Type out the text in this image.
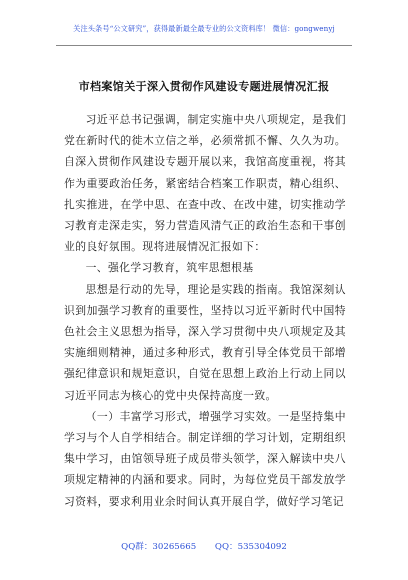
关注头条号“公文研究”，获得最新最全最专业的公文资料库！ 微信：gongwenyj
市档案馆关于深入贯彻作风建设专题进展情况汇报

习近平总书记强调，制定实施中央八项规定，是我们党在新时代的徙木立信之举，必须常抓不懈、久久为功。自深入贯彻作风建设专题开展以来，我馆高度重视，将其作为重要政治任务，紧密结合档案工作职责，精心组织、扎实推进，在学中思、在查中改、在改中建，切实推动学习教育走深走实，努力营造风清气正的政治生态和干事创业的良好氛围。现将进展情况汇报如下：

一、强化学习教育，筑牢思想根基

思想是行动的先导，理论是实践的指南。我馆深刻认识到加强学习教育的重要性，坚持以习近平新时代中国特色社会主义思想为指导，深入学习贯彻中央八项规定及其实施细则精神，通过多种形式，教育引导全体党员干部增强纪律意识和规矩意识，自觉在思想上政治上行动上同以习近平同志为核心的党中央保持高度一致。

（一）丰富学习形式，增强学习实效。一是坚持集中学习与个人自学相结合。制定详细的学习计划，定期组织集中学习，由馆领导班子成员带头领学，深入解读中央八项规定精神的内涵和要求。同时，为每位党员干部发放学习资料，要求利用业余时间认真开展自学，做好学习笔记

QQ群：30265665 QQ：535304092
